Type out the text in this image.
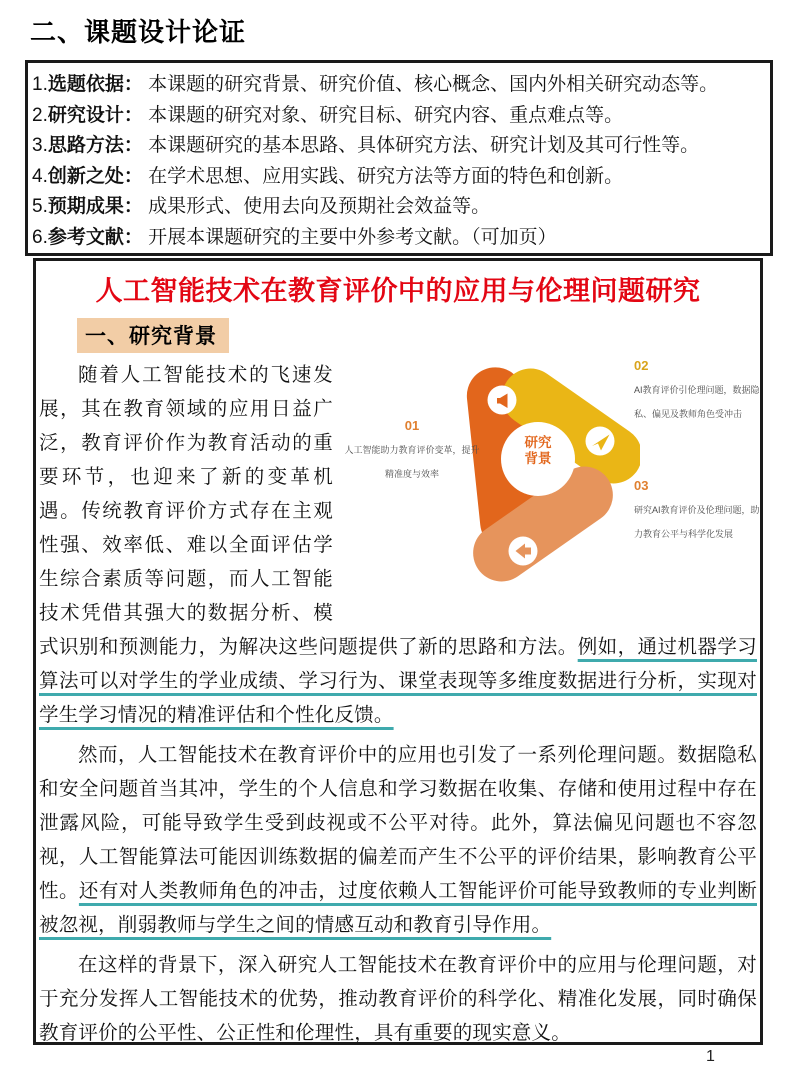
二、课题设计论证
1.选题依据： 本课题的研究背景、研究价值、核心概念、国内外相关研究动态等。
2.研究设计： 本课题的研究对象、研究目标、研究内容、重点难点等。
3.思路方法： 本课题研究的基本思路、具体研究方法、研究计划及其可行性等。
4.创新之处： 在学术思想、应用实践、研究方法等方面的特色和创新。
5.预期成果： 成果形式、使用去向及预期社会效益等。
6.参考文献： 开展本课题研究的主要中外参考文献。（可加页）
人工智能技术在教育评价中的应用与伦理问题研究
一、研究背景
研究
背景
01
人工智能助力教育评价变革，提升精准度与效率
02
AI教育评价引伦理问题，数据隐私、偏见及教师角色受冲击
03
研究AI教育评价及伦理问题，助力教育公平与科学化发展
随着人工智能技术的飞速发展，其在教育领域的应用日益广泛，教育评价作为教育活动的重要环节，也迎来了新的变革机遇。传统教育评价方式存在主观性强、效率低、难以全面评估学生综合素质等问题，而人工智能技术凭借其强大的数据分析、模式识别和预测能力，为解决这些问题提供了新的思路和方法。例如，通过机器学习算法可以对学生的学业成绩、学习行为、课堂表现等多维度数据进行分析，实现对学生学习情况的精准评估和个性化反馈。
然而，人工智能技术在教育评价中的应用也引发了一系列伦理问题。数据隐私和安全问题首当其冲，学生的个人信息和学习数据在收集、存储和使用过程中存在泄露风险，可能导致学生受到歧视或不公平对待。此外，算法偏见问题也不容忽视，人工智能算法可能因训练数据的偏差而产生不公平的评价结果，影响教育公平性。还有对人类教师角色的冲击，过度依赖人工智能评价可能导致教师的专业判断被忽视，削弱教师与学生之间的情感互动和教育引导作用。
在这样的背景下，深入研究人工智能技术在教育评价中的应用与伦理问题，对于充分发挥人工智能技术的优势，推动教育评价的科学化、精准化发展，同时确保教育评价的公平性、公正性和伦理性，具有重要的现实意义。
1
